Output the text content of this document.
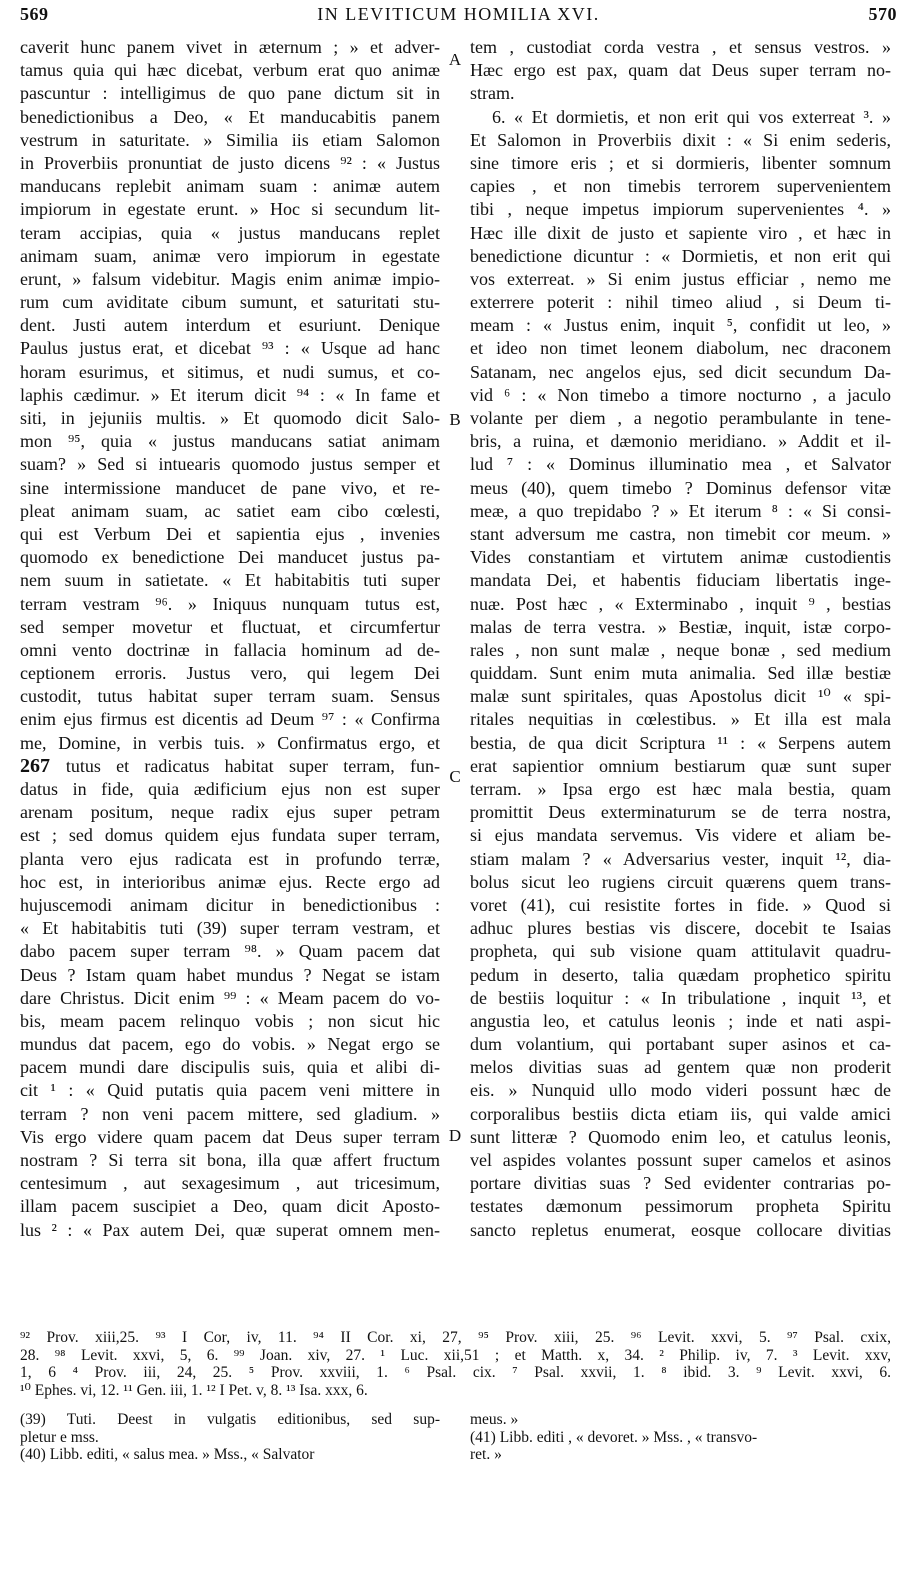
569	IN LEVITICUM HOMILIA XVI.	570
caverit hunc panem vivet in æternum ; » et adver-
tamus quia qui hæc dicebat, verbum erat quo animæ
pascuntur : intelligimus de quo pane dictum sit in
benedictionibus a Deo, « Et manducabitis panem
vestrum in saturitate. » Similia iis etiam Salomon
in Proverbiis pronuntiat de justo dicens ⁹² : « Justus
manducans replebit animam suam : animæ autem
impiorum in egestate erunt. » Hoc si secundum lit-
teram accipias, quia « justus manducans replet
animam suam, animæ vero impiorum in egestate
erunt, » falsum videbitur. Magis enim animæ impio-
rum cum aviditate cibum sumunt, et saturitati stu-
dent. Justi autem interdum et esuriunt. Denique
Paulus justus erat, et dicebat ⁹³ : « Usque ad hanc
horam esurimus, et sitimus, et nudi sumus, et co-
laphis cædimur. » Et iterum dicit ⁹⁴ : « In fame et
siti, in jejuniis multis. » Et quomodo dicit Salo-
mon ⁹⁵, quia « justus manducans satiat animam
suam? » Sed si intuearis quomodo justus semper et
sine intermissione manducet de pane vivo, et re-
pleat animam suam, ac satiet eam cibo cœlesti,
qui est Verbum Dei et sapientia ejus , invenies
quomodo ex benedictione Dei manducet justus pa-
nem suum in satietate. « Et habitabitis tuti super
terram vestram ⁹⁶. » Iniquus nunquam tutus est,
sed semper movetur et fluctuat, et circumfertur
omni vento doctrinæ in fallacia hominum ad de-
ceptionem erroris. Justus vero, qui legem Dei
custodit, tutus habitat super terram suam. Sensus
enim ejus firmus est dicentis ad Deum ⁹⁷ : « Confirma
me, Domine, in verbis tuis. » Confirmatus ergo, et
267 tutus et radicatus habitat super terram, fun-
datus in fide, quia ædificium ejus non est super
arenam positum, neque radix ejus super petram
est ; sed domus quidem ejus fundata super terram,
planta vero ejus radicata est in profundo terræ,
hoc est, in interioribus animæ ejus. Recte ergo ad
hujuscemodi animam dicitur in benedictionibus :
« Et habitabitis tuti (39) super terram vestram, et
dabo pacem super terram ⁹⁸. » Quam pacem dat
Deus ? Istam quam habet mundus ? Negat se istam
dare Christus. Dicit enim ⁹⁹ : « Meam pacem do vo-
bis, meam pacem relinquo vobis ; non sicut hic
mundus dat pacem, ego do vobis. » Negat ergo se
pacem mundi dare discipulis suis, quia et alibi di-
cit ¹ : « Quid putatis quia pacem veni mittere in
terram ? non veni pacem mittere, sed gladium. »
Vis ergo videre quam pacem dat Deus super terram
nostram ? Si terra sit bona, illa quæ affert fructum
centesimum , aut sexagesimum , aut tricesimum,
illam pacem suscipiet a Deo, quam dicit Aposto-
lus ² : « Pax autem Dei, quæ superat omnem men-
tem , custodiat corda vestra , et sensus vestros. »
Hæc ergo est pax, quam dat Deus super terram no-
stram.
6. « Et dormietis, et non erit qui vos exterreat ³. »
Et Salomon in Proverbiis dixit : « Si enim sederis,
sine timore eris ; et si dormieris, libenter somnum
capies , et non timebis terrorem supervenientem
tibi , neque impetus impiorum supervenientes ⁴. »
Hæc ille dixit de justo et sapiente viro , et hæc in
benedictione dicuntur : « Dormietis, et non erit qui
vos exterreat. » Si enim justus efficiar , nemo me
exterrere poterit : nihil timeo aliud , si Deum ti-
meam : « Justus enim, inquit ⁵, confidit ut leo, »
et ideo non timet leonem diabolum, nec draconem
Satanam, nec angelos ejus, sed dicit secundum Da-
vid ⁶ : « Non timebo a timore nocturno , a jaculo
volante per diem , a negotio perambulante in tene-
bris, a ruina, et dæmonio meridiano. » Addit et il-
lud ⁷ : « Dominus illuminatio mea , et Salvator
meus (40), quem timebo ? Dominus defensor vitæ
meæ, a quo trepidabo ? » Et iterum ⁸ : « Si consi-
stant adversum me castra, non timebit cor meum. »
Vides constantiam et virtutem animæ custodientis
mandata Dei, et habentis fiduciam libertatis inge-
nuæ. Post hæc , « Exterminabo , inquit ⁹ , bestias
malas de terra vestra. » Bestiæ, inquit, istæ corpo-
rales , non sunt malæ , neque bonæ , sed medium
quiddam. Sunt enim muta animalia. Sed illæ bestiæ
malæ sunt spiritales, quas Apostolus dicit ¹⁰ « spi-
ritales nequitias in cœlestibus. » Et illa est mala
bestia, de qua dicit Scriptura ¹¹ : « Serpens autem
erat sapientior omnium bestiarum quæ sunt super
terram. » Ipsa ergo est hæc mala bestia, quam
promittit Deus exterminaturum se de terra nostra,
si ejus mandata servemus. Vis videre et aliam be-
stiam malam ? « Adversarius vester, inquit ¹², dia-
bolus sicut leo rugiens circuit quærens quem trans-
voret (41), cui resistite fortes in fide. » Quod si
adhuc plures bestias vis discere, docebit te Isaias
propheta, qui sub visione quam attitulavit quadru-
pedum in deserto, talia quædam prophetico spiritu
de bestiis loquitur : « In tribulatione , inquit ¹³, et
angustia leo, et catulus leonis ; inde et nati aspi-
dum volantium, qui portabant super asinos et ca-
melos divitias suas ad gentem quæ non proderit
eis. » Nunquid ullo modo videri possunt hæc de
corporalibus bestiis dicta etiam iis, qui valde amici
sunt litteræ ? Quomodo enim leo, et catulus leonis,
vel aspides volantes possunt super camelos et asinos
portare divitias suas ? Sed evidenter contrarias po-
testates dæmonum pessimorum propheta Spiritu
sancto repletus enumerat, eosque collocare divitias
A
B
C
D
⁹² Prov. xiii,25. ⁹³ I Cor, iv, 11. ⁹⁴ II Cor. xi, 27, ⁹⁵ Prov. xiii, 25. ⁹⁶ Levit. xxvi, 5. ⁹⁷ Psal. cxix,
28. ⁹⁸ Levit. xxvi, 5, 6. ⁹⁹ Joan. xiv, 27. ¹ Luc. xii,51 ; et Matth. x, 34. ² Philip. iv, 7. ³ Levit. xxv,
1, 6 ⁴ Prov. iii, 24, 25. ⁵ Prov. xxviii, 1. ⁶ Psal. cix. ⁷ Psal. xxvii, 1. ⁸ ibid. 3. ⁹ Levit. xxvi, 6.
¹⁰ Ephes. vi, 12. ¹¹ Gen. iii, 1. ¹² I Pet. v, 8. ¹³ Isa. xxx, 6.
(39) Tuti. Deest in vulgatis editionibus, sed sup-
pletur e mss.
(40) Libb. editi, « salus mea. » Mss., « Salvator
meus. »
(41) Libb. editi , « devoret. » Mss. , « transvo-
ret. »
